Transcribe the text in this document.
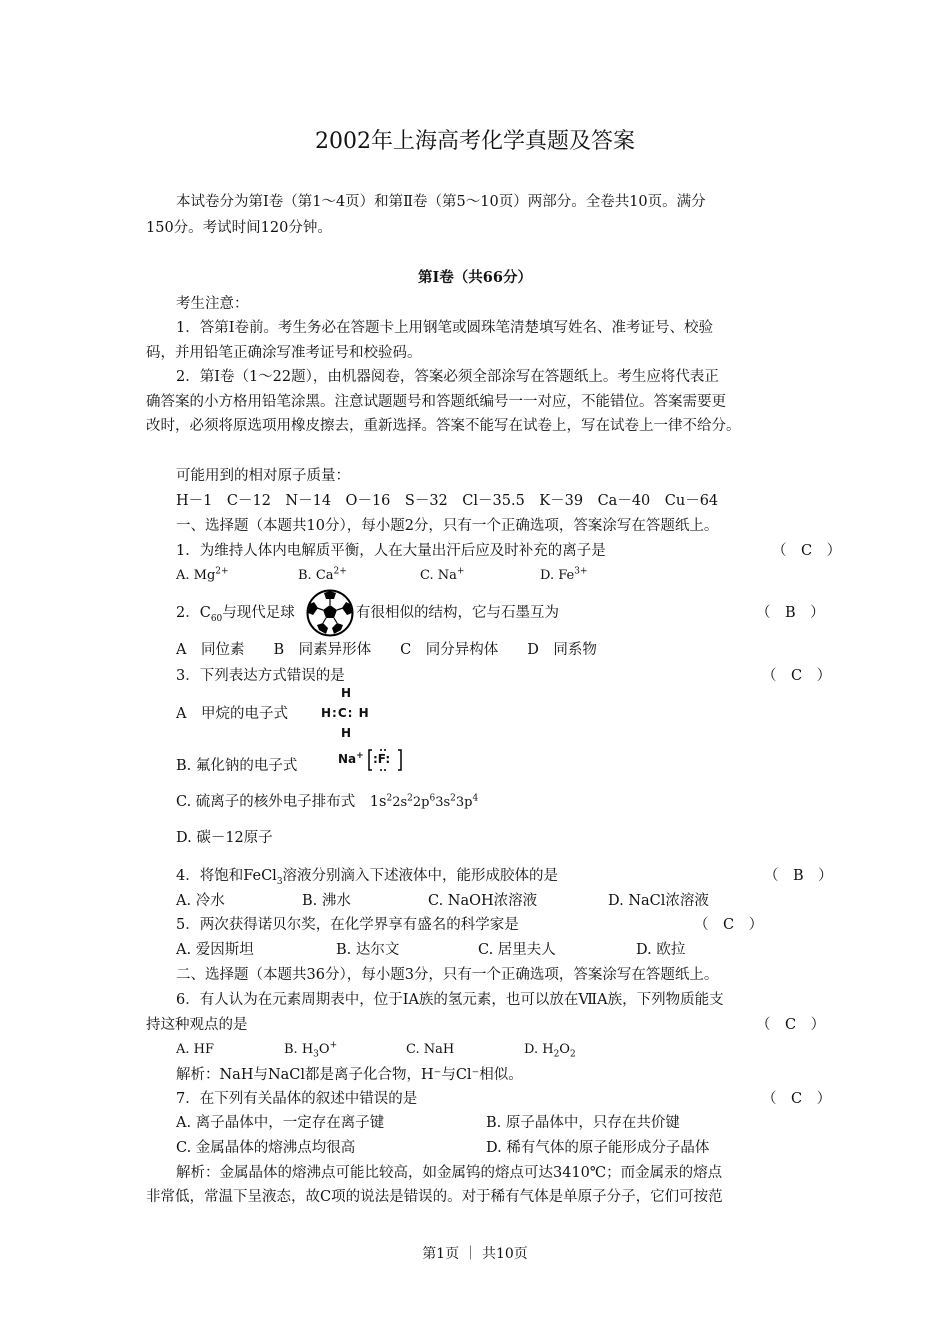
2002年上海高考化学真题及答案
本试卷分为第Ⅰ卷（第1～4页）和第Ⅱ卷（第5～10页）两部分。全卷共10页。满分
150分。考试时间120分钟。
第Ⅰ卷（共66分）
考生注意：
1．答第Ⅰ卷前。考生务必在答题卡上用钢笔或圆珠笔清楚填写姓名、准考证号、校验
码，并用铅笔正确涂写准考证号和校验码。
2．第Ⅰ卷（1～22题），由机器阅卷，答案必须全部涂写在答题纸上。考生应将代表正
确答案的小方格用铅笔涂黑。注意试题题号和答题纸编号一一对应，不能错位。答案需要更
改时，必须将原选项用橡皮擦去，重新选择。答案不能写在试卷上，写在试卷上一律不给分。
可能用到的相对原子质量：
H－1　C－12　N－14　O－16　S－32　Cl－35.5　K－39　Ca－40　Cu－64
一、选择题（本题共10分），每小题2分，只有一个正确选项，答案涂写在答题纸上。
1．为维持人体内电解质平衡，人在大量出汗后应及时补充的离子是	（　C　）
A. $Mg^{2+}$	B. $Ca^{2+}$	C. Na+	D. $Fe^{3+}$
2．$C_{60}$与现代足球	有很相似的结构，它与石墨互为	（　B　）
A　同位素　　B　同素异形体　　C　同分异构体　　D　同系物
3．下列表达方式错误的是	（　C　）
A　甲烷的电子式
H
H:C: H
H
B. 氟化钠的电子式	Na+ :F:
C. 硫离子的核外电子排布式　$1s^22s^22p^63s^23p^4$
D. 碳－12原子
4．将饱和FeCl$_3$溶液分别滴入下述液体中，能形成胶体的是	（　B　）
A. 冷水	B. 沸水	C. NaOH浓溶液	D. NaCl浓溶液
5．两次获得诺贝尔奖，在化学界享有盛名的科学家是	（　C　）
A. 爱因斯坦	B. 达尔文	C. 居里夫人	D. 欧拉
二、选择题（本题共36分），每小题3分，只有一个正确选项，答案涂写在答题纸上。
6．有人认为在元素周期表中，位于ⅠA族的氢元素，也可以放在ⅦA族，下列物质能支
持这种观点的是	（　C　）
A. HF	B. $H_3O^+$	C. NaH	D. $H_2O_2$
解析：NaH与NaCl都是离子化合物，H⁻与Cl⁻相似。
7．在下列有关晶体的叙述中错误的是	（　C　）
A. 离子晶体中，一定存在离子键	B. 原子晶体中，只存在共价键
C. 金属晶体的熔沸点均很高	D. 稀有气体的原子能形成分子晶体
解析：金属晶体的熔沸点可能比较高，如金属钨的熔点可达3410℃；而金属汞的熔点
非常低，常温下呈液态，故C项的说法是错误的。对于稀有气体是单原子分子，它们可按范
第1页 ｜ 共10页
